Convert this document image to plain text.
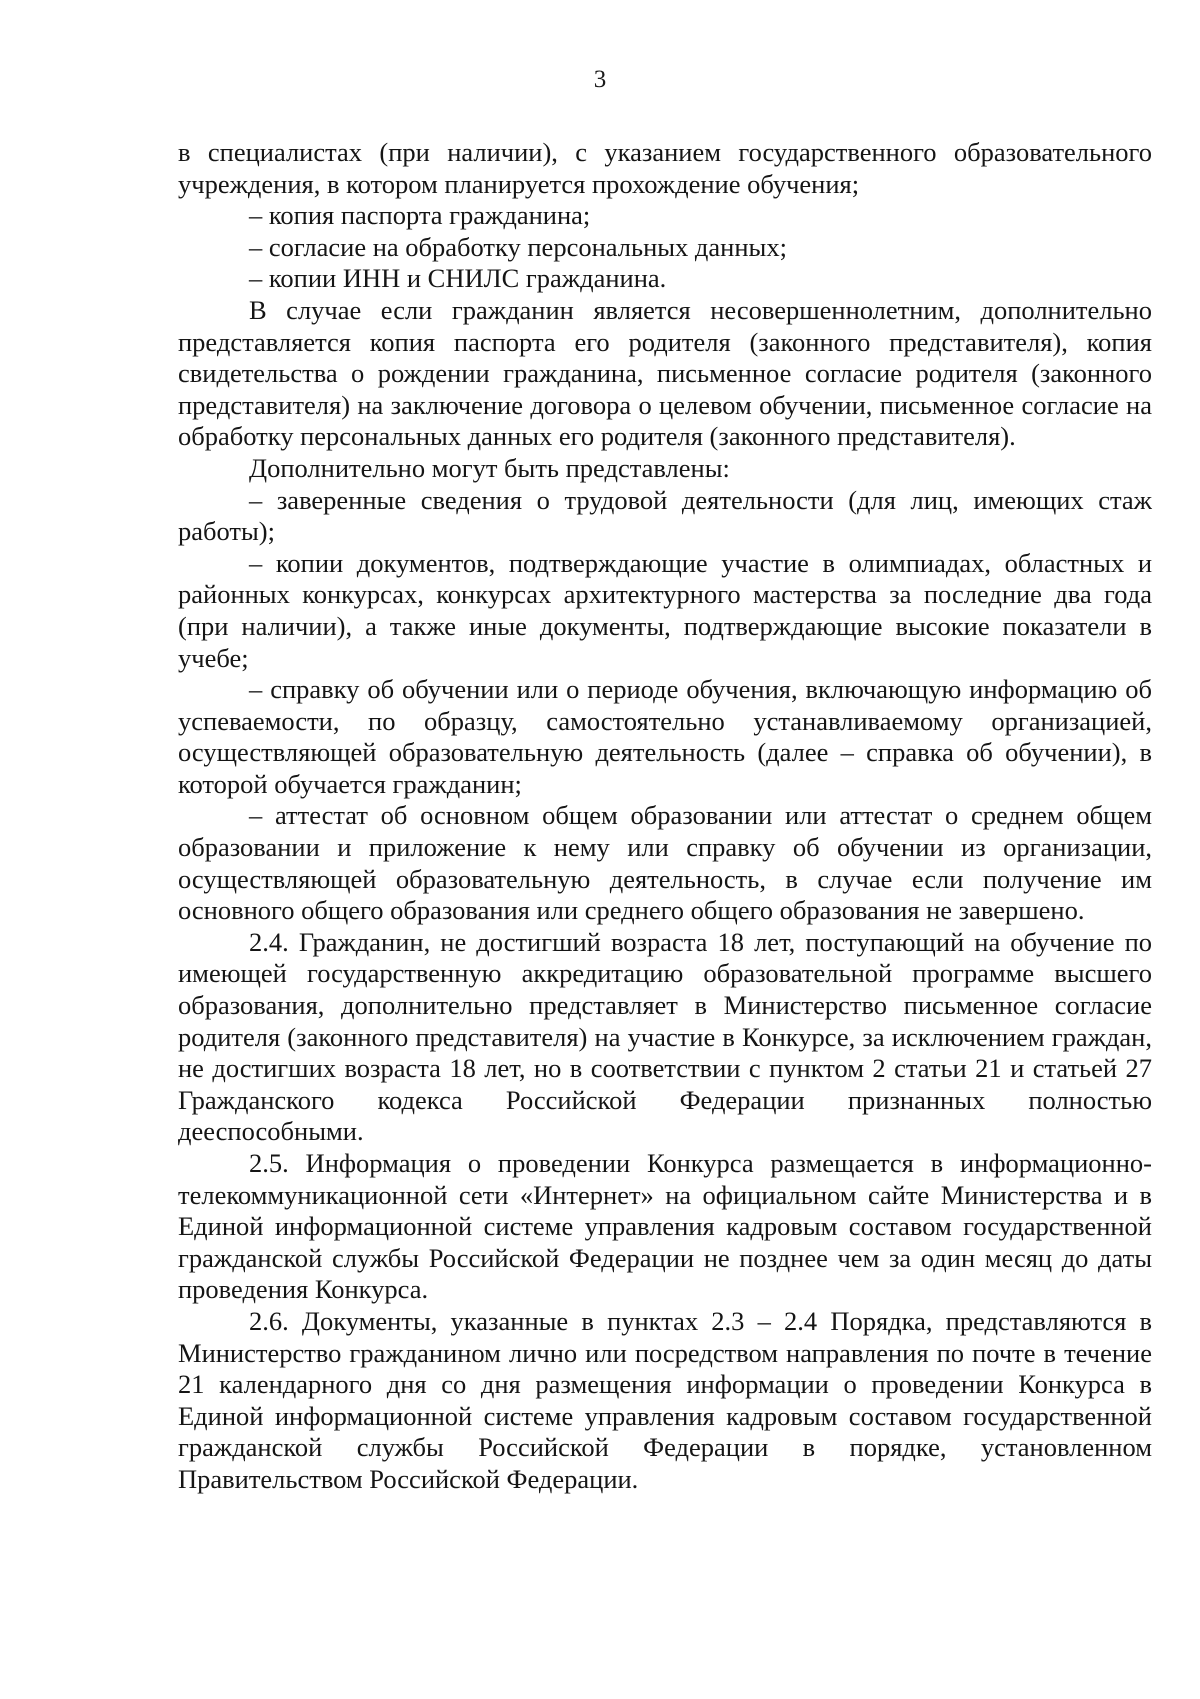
3

в специалистах (при наличии), с указанием государственного образовательного учреждения, в котором планируется прохождение обучения;

– копия паспорта гражданина;

– согласие на обработку персональных данных;

– копии ИНН и СНИЛС гражданина.

В случае если гражданин является несовершеннолетним, дополнительно представляется копия паспорта его родителя (законного представителя), копия свидетельства о рождении гражданина, письменное согласие родителя (законного представителя) на заключение договора о целевом обучении, письменное согласие на обработку персональных данных его родителя (законного представителя).

Дополнительно могут быть представлены:

– заверенные сведения о трудовой деятельности (для лиц, имеющих стаж работы);

– копии документов, подтверждающие участие в олимпиадах, областных и районных конкурсах, конкурсах архитектурного мастерства за последние два года (при наличии), а также иные документы, подтверждающие высокие показатели в учебе;

– справку об обучении или о периоде обучения, включающую информацию об успеваемости, по образцу, самостоятельно устанавливаемому организацией, осуществляющей образовательную деятельность (далее – справка об обучении), в которой обучается гражданин;

– аттестат об основном общем образовании или аттестат о среднем общем образовании и приложение к нему или справку об обучении из организации, осуществляющей образовательную деятельность, в случае если получение им основного общего образования или среднего общего образования не завершено.

2.4. Гражданин, не достигший возраста 18 лет, поступающий на обучение по имеющей государственную аккредитацию образовательной программе высшего образования, дополнительно представляет в Министерство письменное согласие родителя (законного представителя) на участие в Конкурсе, за исключением граждан, не достигших возраста 18 лет, но в соответствии с пунктом 2 статьи 21 и статьей 27 Гражданского кодекса Российской Федерации признанных полностью дееспособными.

2.5. Информация о проведении Конкурса размещается в информационно-телекоммуникационной сети «Интернет» на официальном сайте Министерства и в Единой информационной системе управления кадровым составом государственной гражданской службы Российской Федерации не позднее чем за один месяц до даты проведения Конкурса.

2.6. Документы, указанные в пунктах 2.3 – 2.4 Порядка, представляются в Министерство гражданином лично или посредством направления по почте в течение 21 календарного дня со дня размещения информации о проведении Конкурса в Единой информационной системе управления кадровым составом государственной гражданской службы Российской Федерации в порядке, установленном Правительством Российской Федерации.
